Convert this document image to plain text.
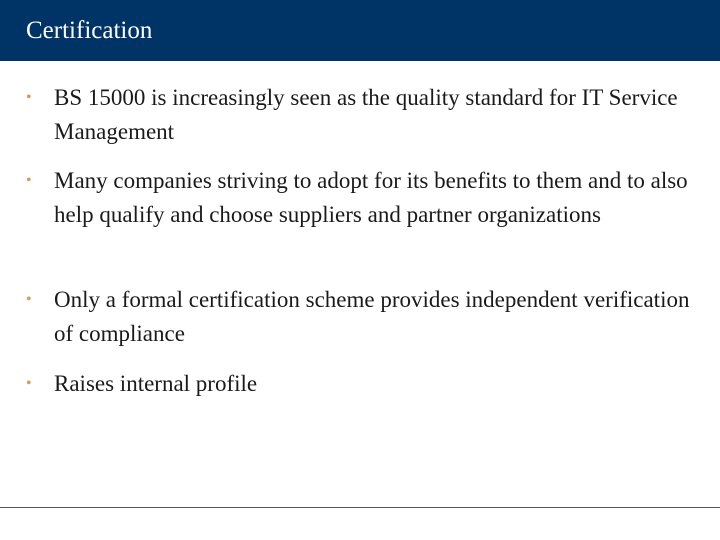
Certification
• BS 15000 is increasingly seen as the quality standard for IT Service Management
• Many companies striving to adopt for its benefits to them and to also help qualify and choose suppliers and partner organizations
• Only a formal certification scheme provides independent verification of compliance
• Raises internal profile
